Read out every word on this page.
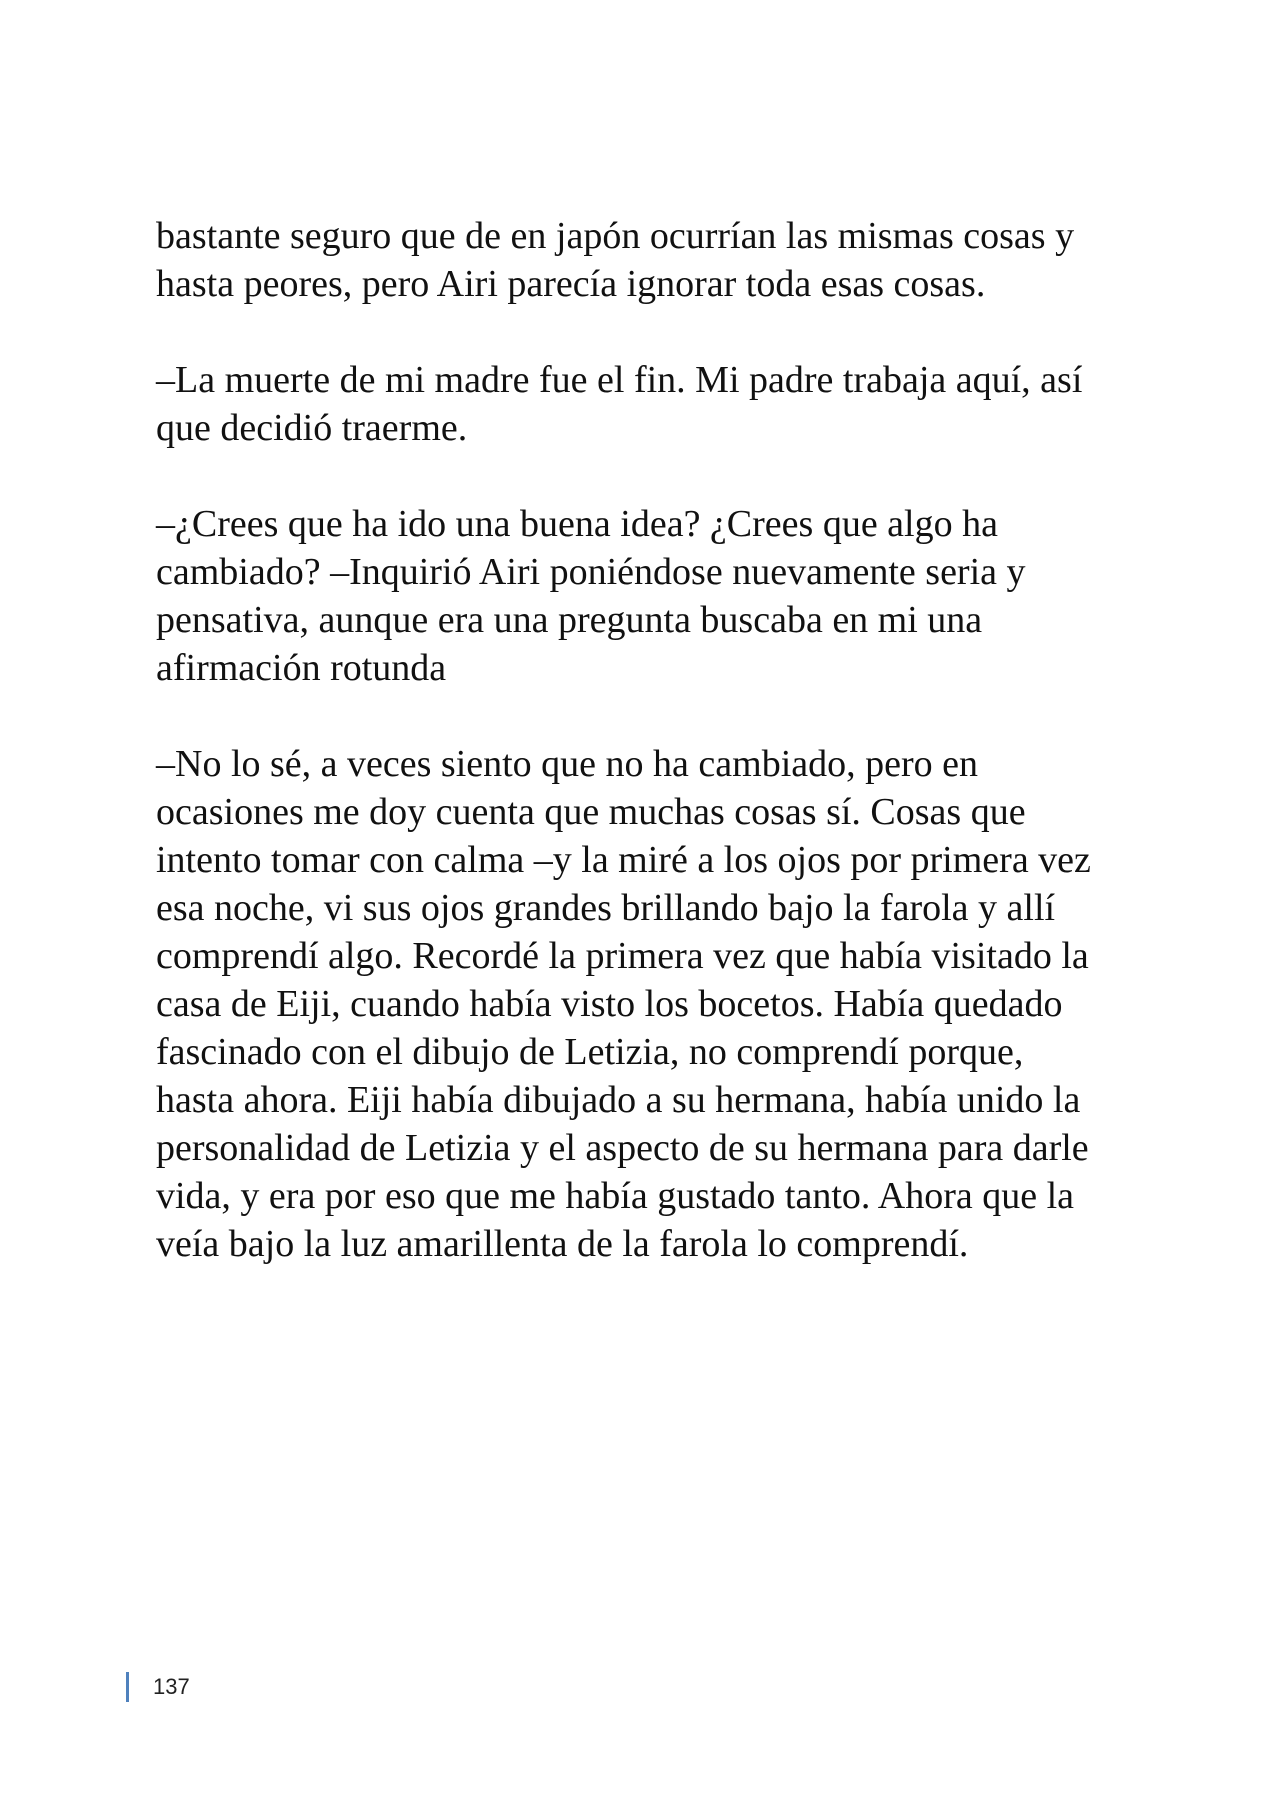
bastante seguro que de en japón ocurrían las mismas cosas y
hasta peores, pero Airi parecía ignorar toda esas cosas.

–La muerte de mi madre fue el fin. Mi padre trabaja aquí, así
que decidió traerme.

–¿Crees que ha ido una buena idea? ¿Crees que algo ha
cambiado? –Inquirió Airi poniéndose nuevamente seria y
pensativa, aunque era una pregunta buscaba en mi una
afirmación rotunda

–No lo sé, a veces siento que no ha cambiado, pero en
ocasiones me doy cuenta que muchas cosas sí. Cosas que
intento tomar con calma –y la miré a los ojos por primera vez
esa noche, vi sus ojos grandes brillando bajo la farola y allí
comprendí algo. Recordé la primera vez que había visitado la
casa de Eiji, cuando había visto los bocetos. Había quedado
fascinado con el dibujo de Letizia, no comprendí porque,
hasta ahora. Eiji había dibujado a su hermana, había unido la
personalidad de Letizia y el aspecto de su hermana para darle
vida, y era por eso que me había gustado tanto. Ahora que la
veía bajo la luz amarillenta de la farola lo comprendí.

137
